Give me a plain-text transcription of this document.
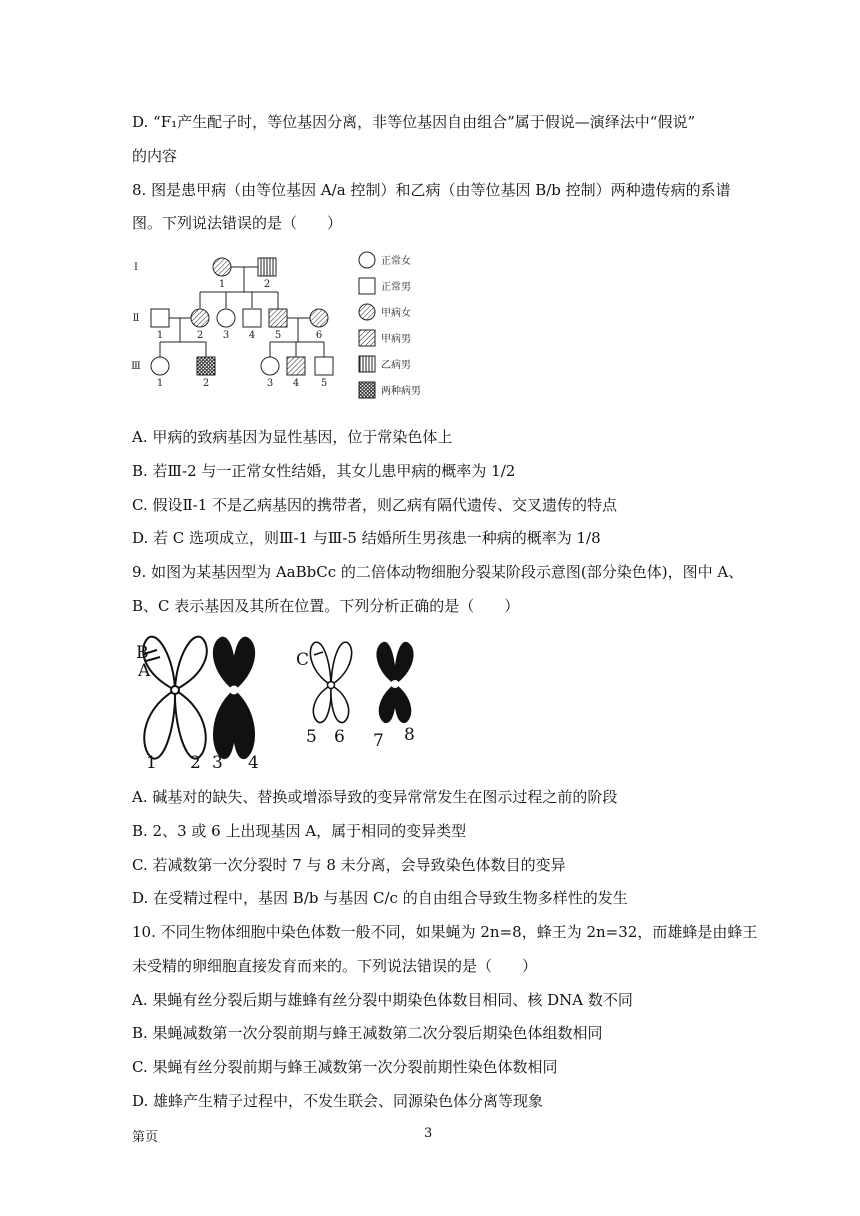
D. “F₁产生配子时，等位基因分离，非等位基因自由组合”属于假说—演绎法中“假说”
的内容
8. 图是患甲病（由等位基因 A/a 控制）和乙病（由等位基因 B/b 控制）两种遗传病的系谱
图。下列说法错误的是（　　）
Ⅰ
Ⅱ
Ⅲ
1	2
1	2 3 4 5	6
1	2	3 4 5
正常女
正常男
甲病女
甲病男
乙病男
两种病男
A. 甲病的致病基因为显性基因，位于常染色体上
B. 若Ⅲ-2 与一正常女性结婚，其女儿患甲病的概率为 1/2
C. 假设Ⅱ-1 不是乙病基因的携带者，则乙病有隔代遗传、交叉遗传的特点
D. 若 C 选项成立，则Ⅲ-1 与Ⅲ-5 结婚所生男孩患一种病的概率为 1/8
9. 如图为某基因型为 AaBbCc 的二倍体动物细胞分裂某阶段示意图(部分染色体)，图中 A、
B、C 表示基因及其所在位置。下列分析正确的是（　　）
B
A
C
1 2 3 4
5 6 7 8
A. 碱基对的缺失、替换或增添导致的变异常常发生在图示过程之前的阶段
B. 2、3 或 6 上出现基因 A，属于相同的变异类型
C. 若减数第一次分裂时 7 与 8 未分离，会导致染色体数目的变异
D. 在受精过程中，基因 B/b 与基因 C/c 的自由组合导致生物多样性的发生
10. 不同生物体细胞中染色体数一般不同，如果蝇为 2n=8，蜂王为 2n=32，而雄蜂是由蜂王
未受精的卵细胞直接发育而来的。下列说法错误的是（　　）
A. 果蝇有丝分裂后期与雄蜂有丝分裂中期染色体数目相同、核 DNA 数不同
B. 果蝇减数第一次分裂前期与蜂王减数第二次分裂后期染色体组数相同
C. 果蝇有丝分裂前期与蜂王减数第一次分裂前期性染色体数相同
D. 雄蜂产生精子过程中，不发生联会、同源染色体分离等现象
第页	3
